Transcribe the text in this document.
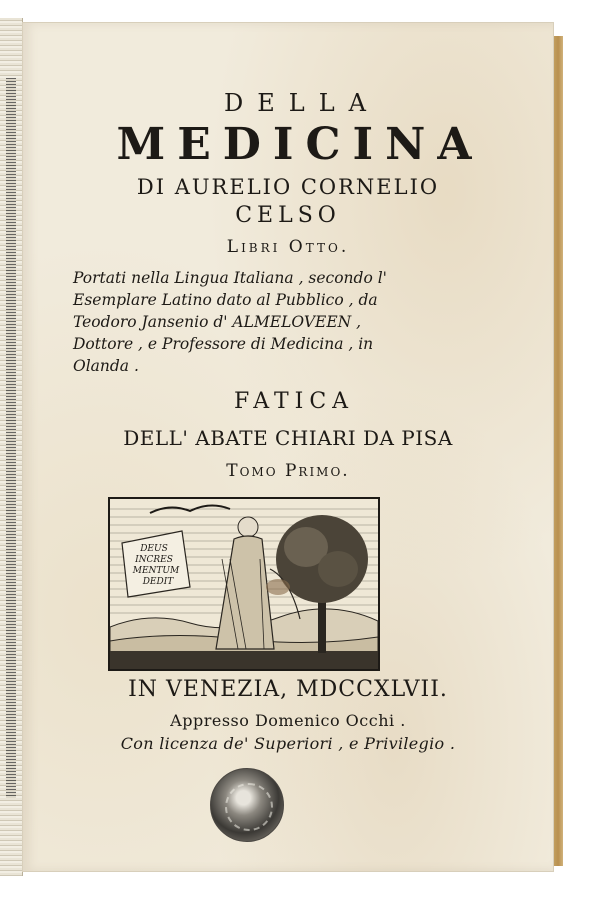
DELLA
MEDICINA
DI AURELIO CORNELIO
CELSO
Libri Otto.
Portati nella Lingua Italiana , secondo l'
Esemplare Latino dato al Pubblico , da
Teodoro Jansenio d' ALMELOVEEN ,
Dottore , e Professore di Medicina , in
Olanda .
FATICA
DELL' ABATE CHIARI DA PISA
Tomo Primo.
DEUS
INCRES
MENTUM
DEDIT
IN VENEZIA, MDCCXLVII.
Appresso Domenico Occhi .
Con licenza de' Superiori , e Privilegio .
